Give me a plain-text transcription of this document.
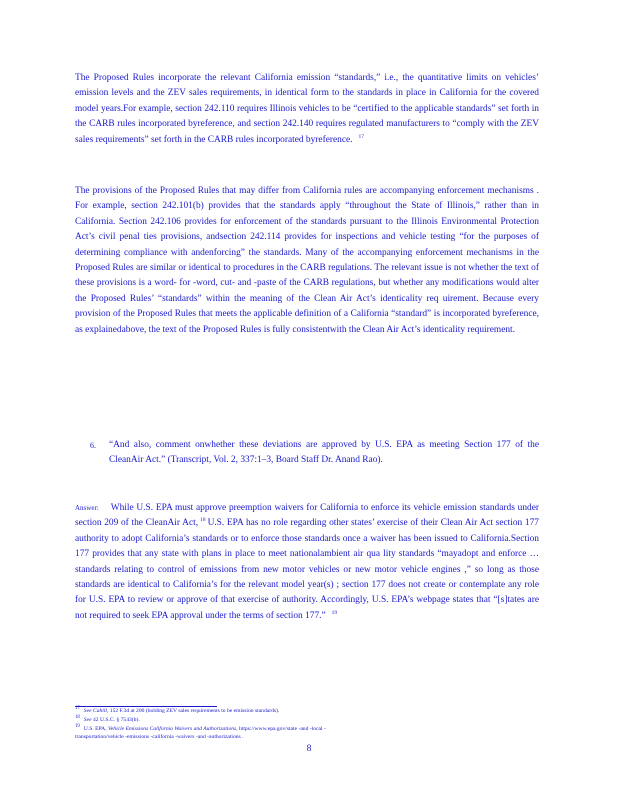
The Proposed Rules incorporate the relevant California emission “standards,” i.e., the quantitative limits on vehicles’ emission levels and the ZEV sales requirements, in identical form to the standards in place in California for the covered model years.For example, section 242.110 requires Illinois vehicles to be “certified to the applicable standards” set forth in the CARB rules incorporated byreference, and section 242.140 requires regulated manufacturers to “comply with the ZEV sales requirements” set forth in the CARB rules incorporated byreference. $^{17}$

The provisions of the Proposed Rules that may differ from California rules are accompanying enforcement mechanisms . For example, section 242.101(b) provides that the standards apply “throughout the State of Illinois,” rather than in California. Section 242.106 provides for enforcement of the standards pursuant to the Illinois Environmental Protection Act’s civil penal ties provisions, andsection 242.114 provides for inspections and vehicle testing “for the purposes of determining compliance with andenforcing” the standards. Many of the accompanying enforcement mechanisms in the Proposed Rules are similar or identical to procedures in the CARB regulations. The relevant issue is not whether the text of these provisions is a word- for -word, cut- and -paste of the CARB regulations, but whether any modifications would alter the Proposed Rules’ “standards” within the meaning of the Clean Air Act’s identicality req uirement. Because every provision of the Proposed Rules that meets the applicable definition of a California “standard” is incorporated byreference, as explainedabove, the text of the Proposed Rules is fully consistentwith the Clean Air Act’s identicality requirement.

6. “And also, comment onwhether these deviations are approved by U.S. EPA as meeting Section 177 of the CleanAir Act.” (Transcript, Vol. 2, 337:1–3, Board Staff Dr. Anand Rao).

Answer: While U.S. EPA must approve preemption waivers for California to enforce its vehicle emission standards under section 209 of the CleanAir Act, $^{18}$ U.S. EPA has no role regarding other states’ exercise of their Clean Air Act section 177 authority to adopt California’s standards or to enforce those standards once a waiver has been issued to California.Section 177 provides that any state with plans in place to meet nationalambient air qua lity standards “mayadopt and enforce … standards relating to control of emissions from new motor vehicles or new motor vehicle engines ,” so long as those standards are identical to California’s for the relevant model year(s) ; section 177 does not create or contemplate any role for U.S. EPA to review or approve of that exercise of authority. Accordingly, U.S. EPA’s webpage states that “[s]tates are not required to seek EPA approval under the terms of section 177.” $^{19}$

17 See Cahill, 152 F.3d at 200 (holding ZEV sales requirements to be emission standards).

18 See 42 U.S.C. § 7543(b).

19 U.S. EPA, Vehicle Emissions California Waivers and Authorizations, https://www.epa.gov/state -and -local -
transportation/vehicle -emissions -california -waivers -and -authorizations .

8
